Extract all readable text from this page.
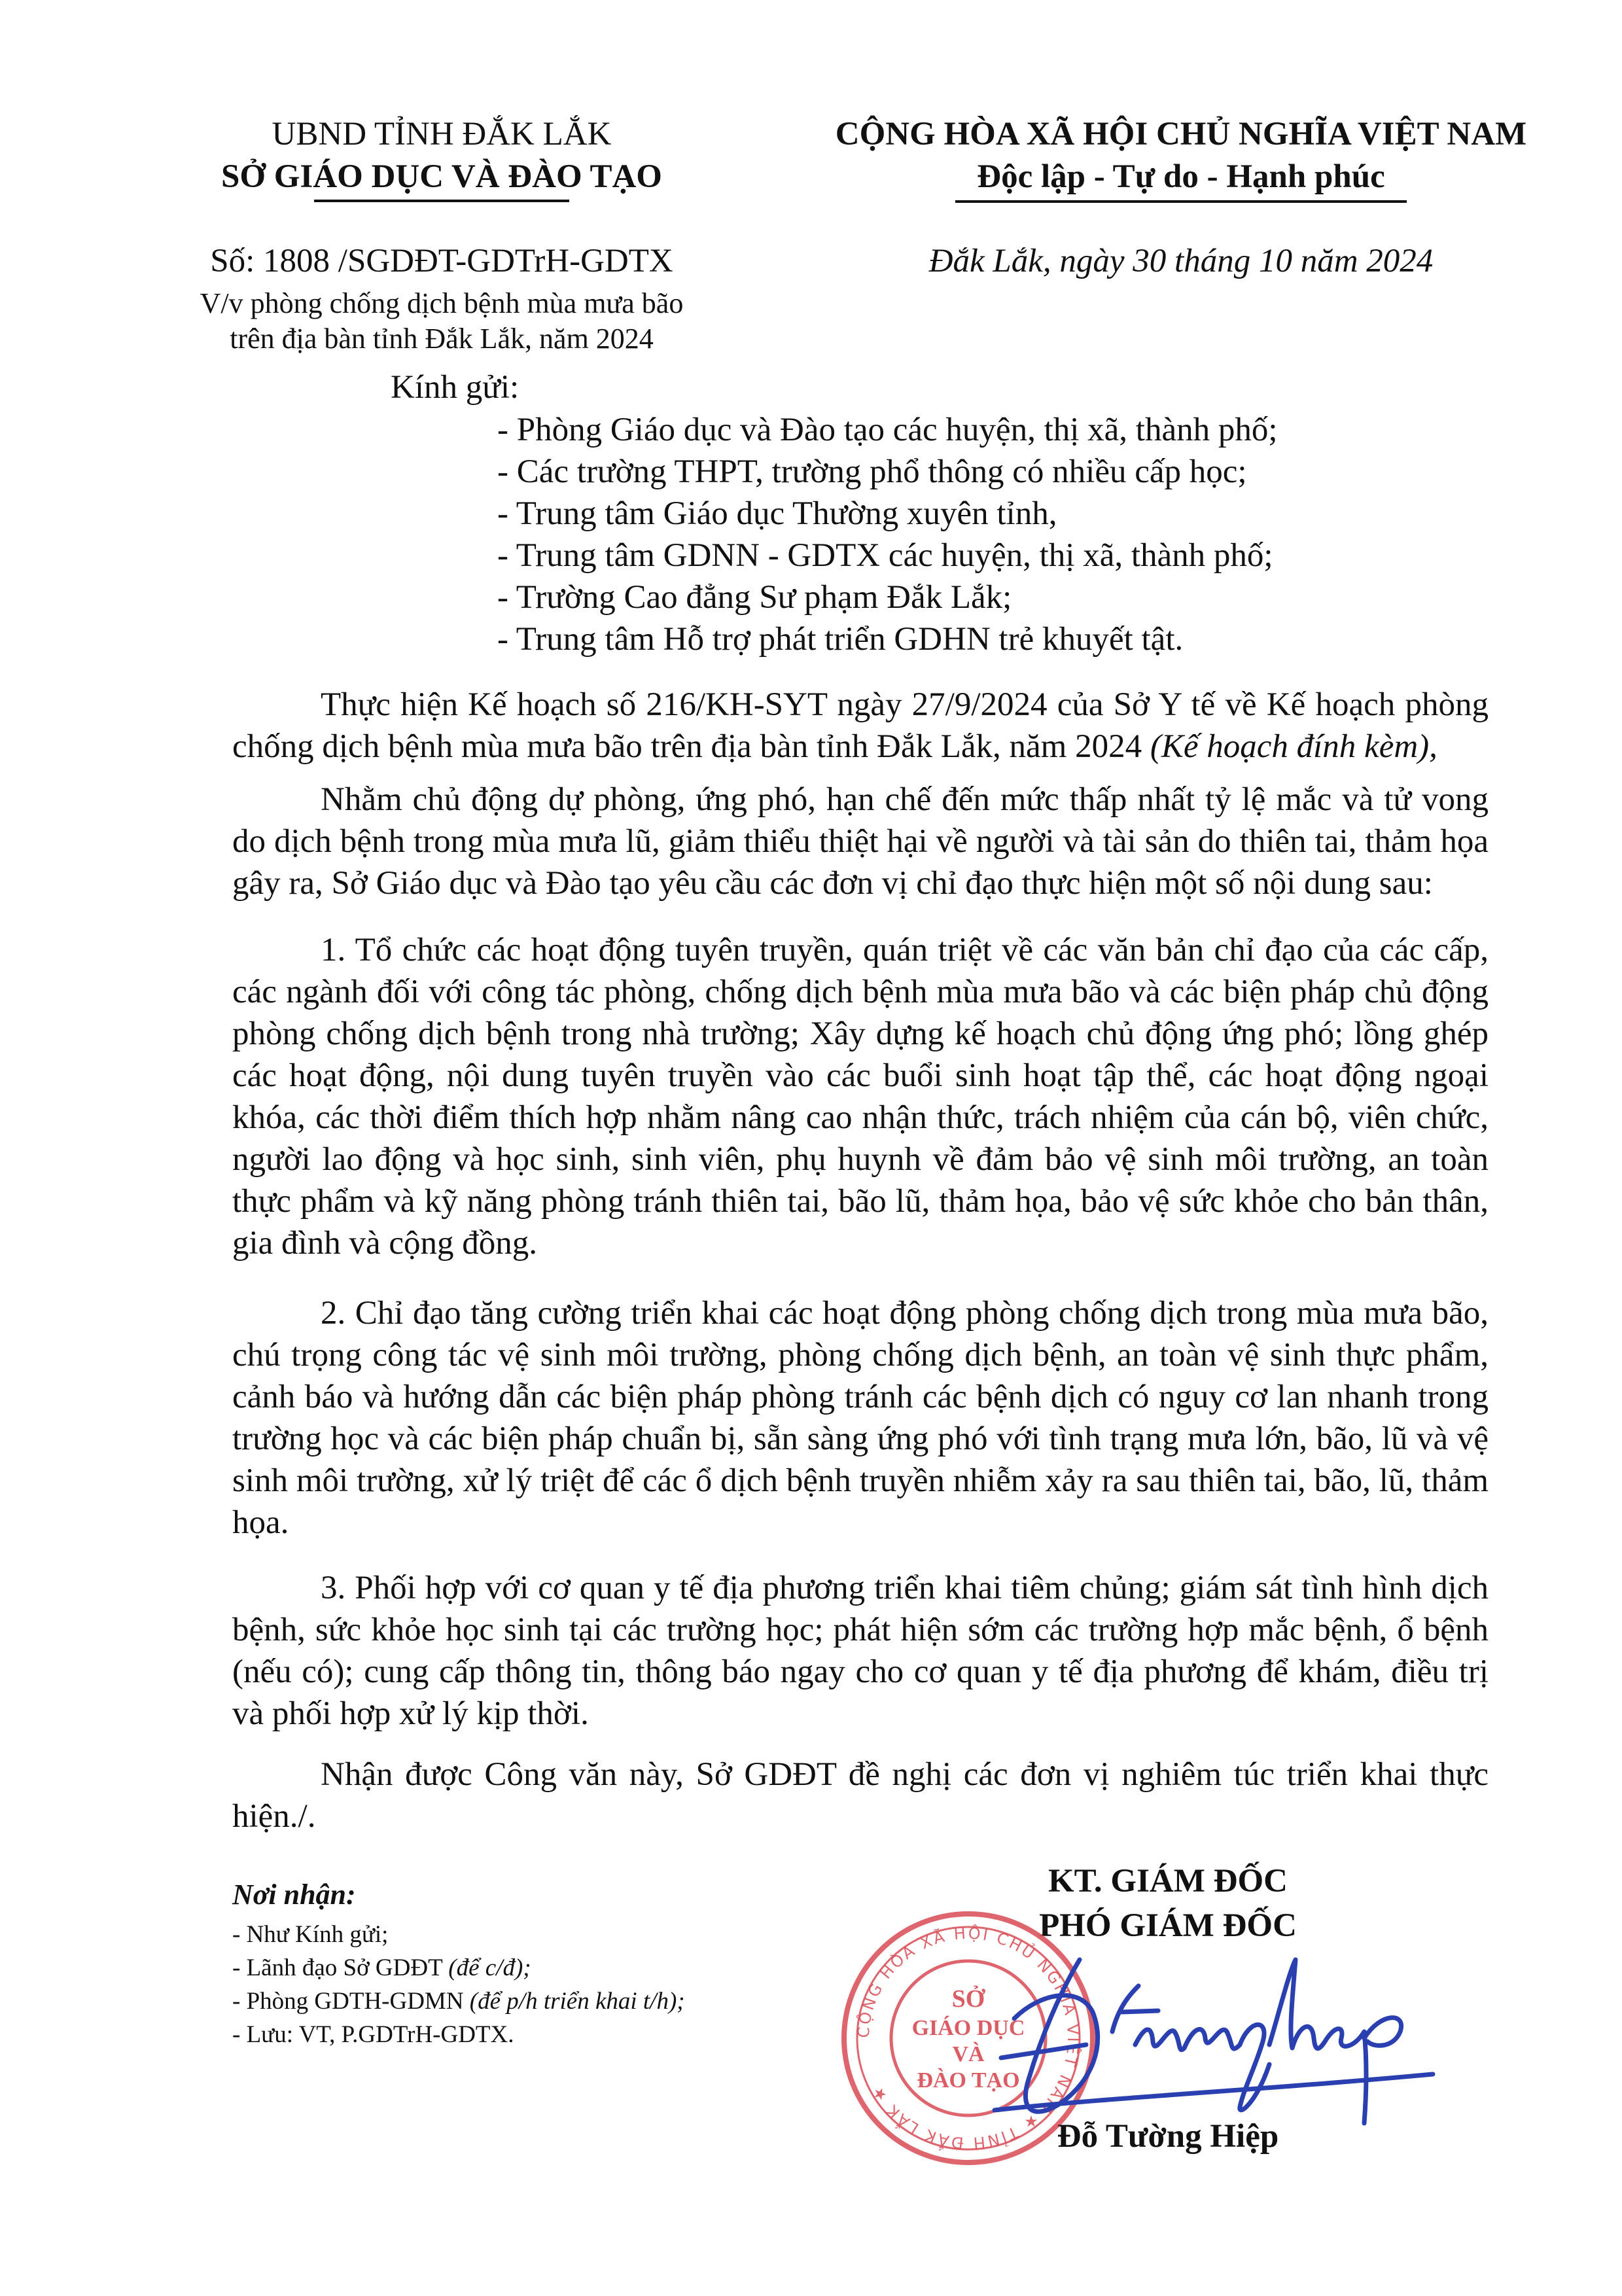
UBND TỈNH ĐẮK LẮK
SỞ GIÁO DỤC VÀ ĐÀO TẠO
CỘNG HÒA XÃ HỘI CHỦ NGHĨA VIỆT NAM
Độc lập - Tự do - Hạnh phúc
Số: 1808 /SGDĐT-GDTrH-GDTX	Đắk Lắk, ngày 30 tháng 10 năm 2024
V/v phòng chống dịch bệnh mùa mưa bão
trên địa bàn tỉnh Đắk Lắk, năm 2024
Kính gửi:
- Phòng Giáo dục và Đào tạo các huyện, thị xã, thành phố;
- Các trường THPT, trường phổ thông có nhiều cấp học;
- Trung tâm Giáo dục Thường xuyên tỉnh,
- Trung tâm GDNN - GDTX các huyện, thị xã, thành phố;
- Trường Cao đẳng Sư phạm Đắk Lắk;
- Trung tâm Hỗ trợ phát triển GDHN trẻ khuyết tật.

Thực hiện Kế hoạch số 216/KH-SYT ngày 27/9/2024 của Sở Y tế về Kế hoạch phòng chống dịch bệnh mùa mưa bão trên địa bàn tỉnh Đắk Lắk, năm 2024 (Kế hoạch đính kèm),

Nhằm chủ động dự phòng, ứng phó, hạn chế đến mức thấp nhất tỷ lệ mắc và tử vong do dịch bệnh trong mùa mưa lũ, giảm thiểu thiệt hại về người và tài sản do thiên tai, thảm họa gây ra, Sở Giáo dục và Đào tạo yêu cầu các đơn vị chỉ đạo thực hiện một số nội dung sau:

1. Tổ chức các hoạt động tuyên truyền, quán triệt về các văn bản chỉ đạo của các cấp, các ngành đối với công tác phòng, chống dịch bệnh mùa mưa bão và các biện pháp chủ động phòng chống dịch bệnh trong nhà trường; Xây dựng kế hoạch chủ động ứng phó; lồng ghép các hoạt động, nội dung tuyên truyền vào các buổi sinh hoạt tập thể, các hoạt động ngoại khóa, các thời điểm thích hợp nhằm nâng cao nhận thức, trách nhiệm của cán bộ, viên chức, người lao động và học sinh, sinh viên, phụ huynh về đảm bảo vệ sinh môi trường, an toàn thực phẩm và kỹ năng phòng tránh thiên tai, bão lũ, thảm họa, bảo vệ sức khỏe cho bản thân, gia đình và cộng đồng.

2. Chỉ đạo tăng cường triển khai các hoạt động phòng chống dịch trong mùa mưa bão, chú trọng công tác vệ sinh môi trường, phòng chống dịch bệnh, an toàn vệ sinh thực phẩm, cảnh báo và hướng dẫn các biện pháp phòng tránh các bệnh dịch có nguy cơ lan nhanh trong trường học và các biện pháp chuẩn bị, sẵn sàng ứng phó với tình trạng mưa lớn, bão, lũ và vệ sinh môi trường, xử lý triệt để các ổ dịch bệnh truyền nhiễm xảy ra sau thiên tai, bão, lũ, thảm họa.

3. Phối hợp với cơ quan y tế địa phương triển khai tiêm chủng; giám sát tình hình dịch bệnh, sức khỏe học sinh tại các trường học; phát hiện sớm các trường hợp mắc bệnh, ổ bệnh (nếu có); cung cấp thông tin, thông báo ngay cho cơ quan y tế địa phương để khám, điều trị và phối hợp xử lý kịp thời.

Nhận được Công văn này, Sở GDĐT đề nghị các đơn vị nghiêm túc triển khai thực hiện./.

Nơi nhận:
- Như Kính gửi;
- Lãnh đạo Sở GDĐT (để c/đ);
- Phòng GDTH-GDMN (để p/h triển khai t/h);
- Lưu: VT, P.GDTrH-GDTX.
KT. GIÁM ĐỐC
PHÓ GIÁM ĐỐC
CỘNG HÒA XÃ HỘI CHỦ NGHĨA VIỆT NAM ★ TỈNH ĐẮK LẮK ★
SỞ
GIÁO DỤC
VÀ
ĐÀO TẠO
Đỗ Tường Hiệp
